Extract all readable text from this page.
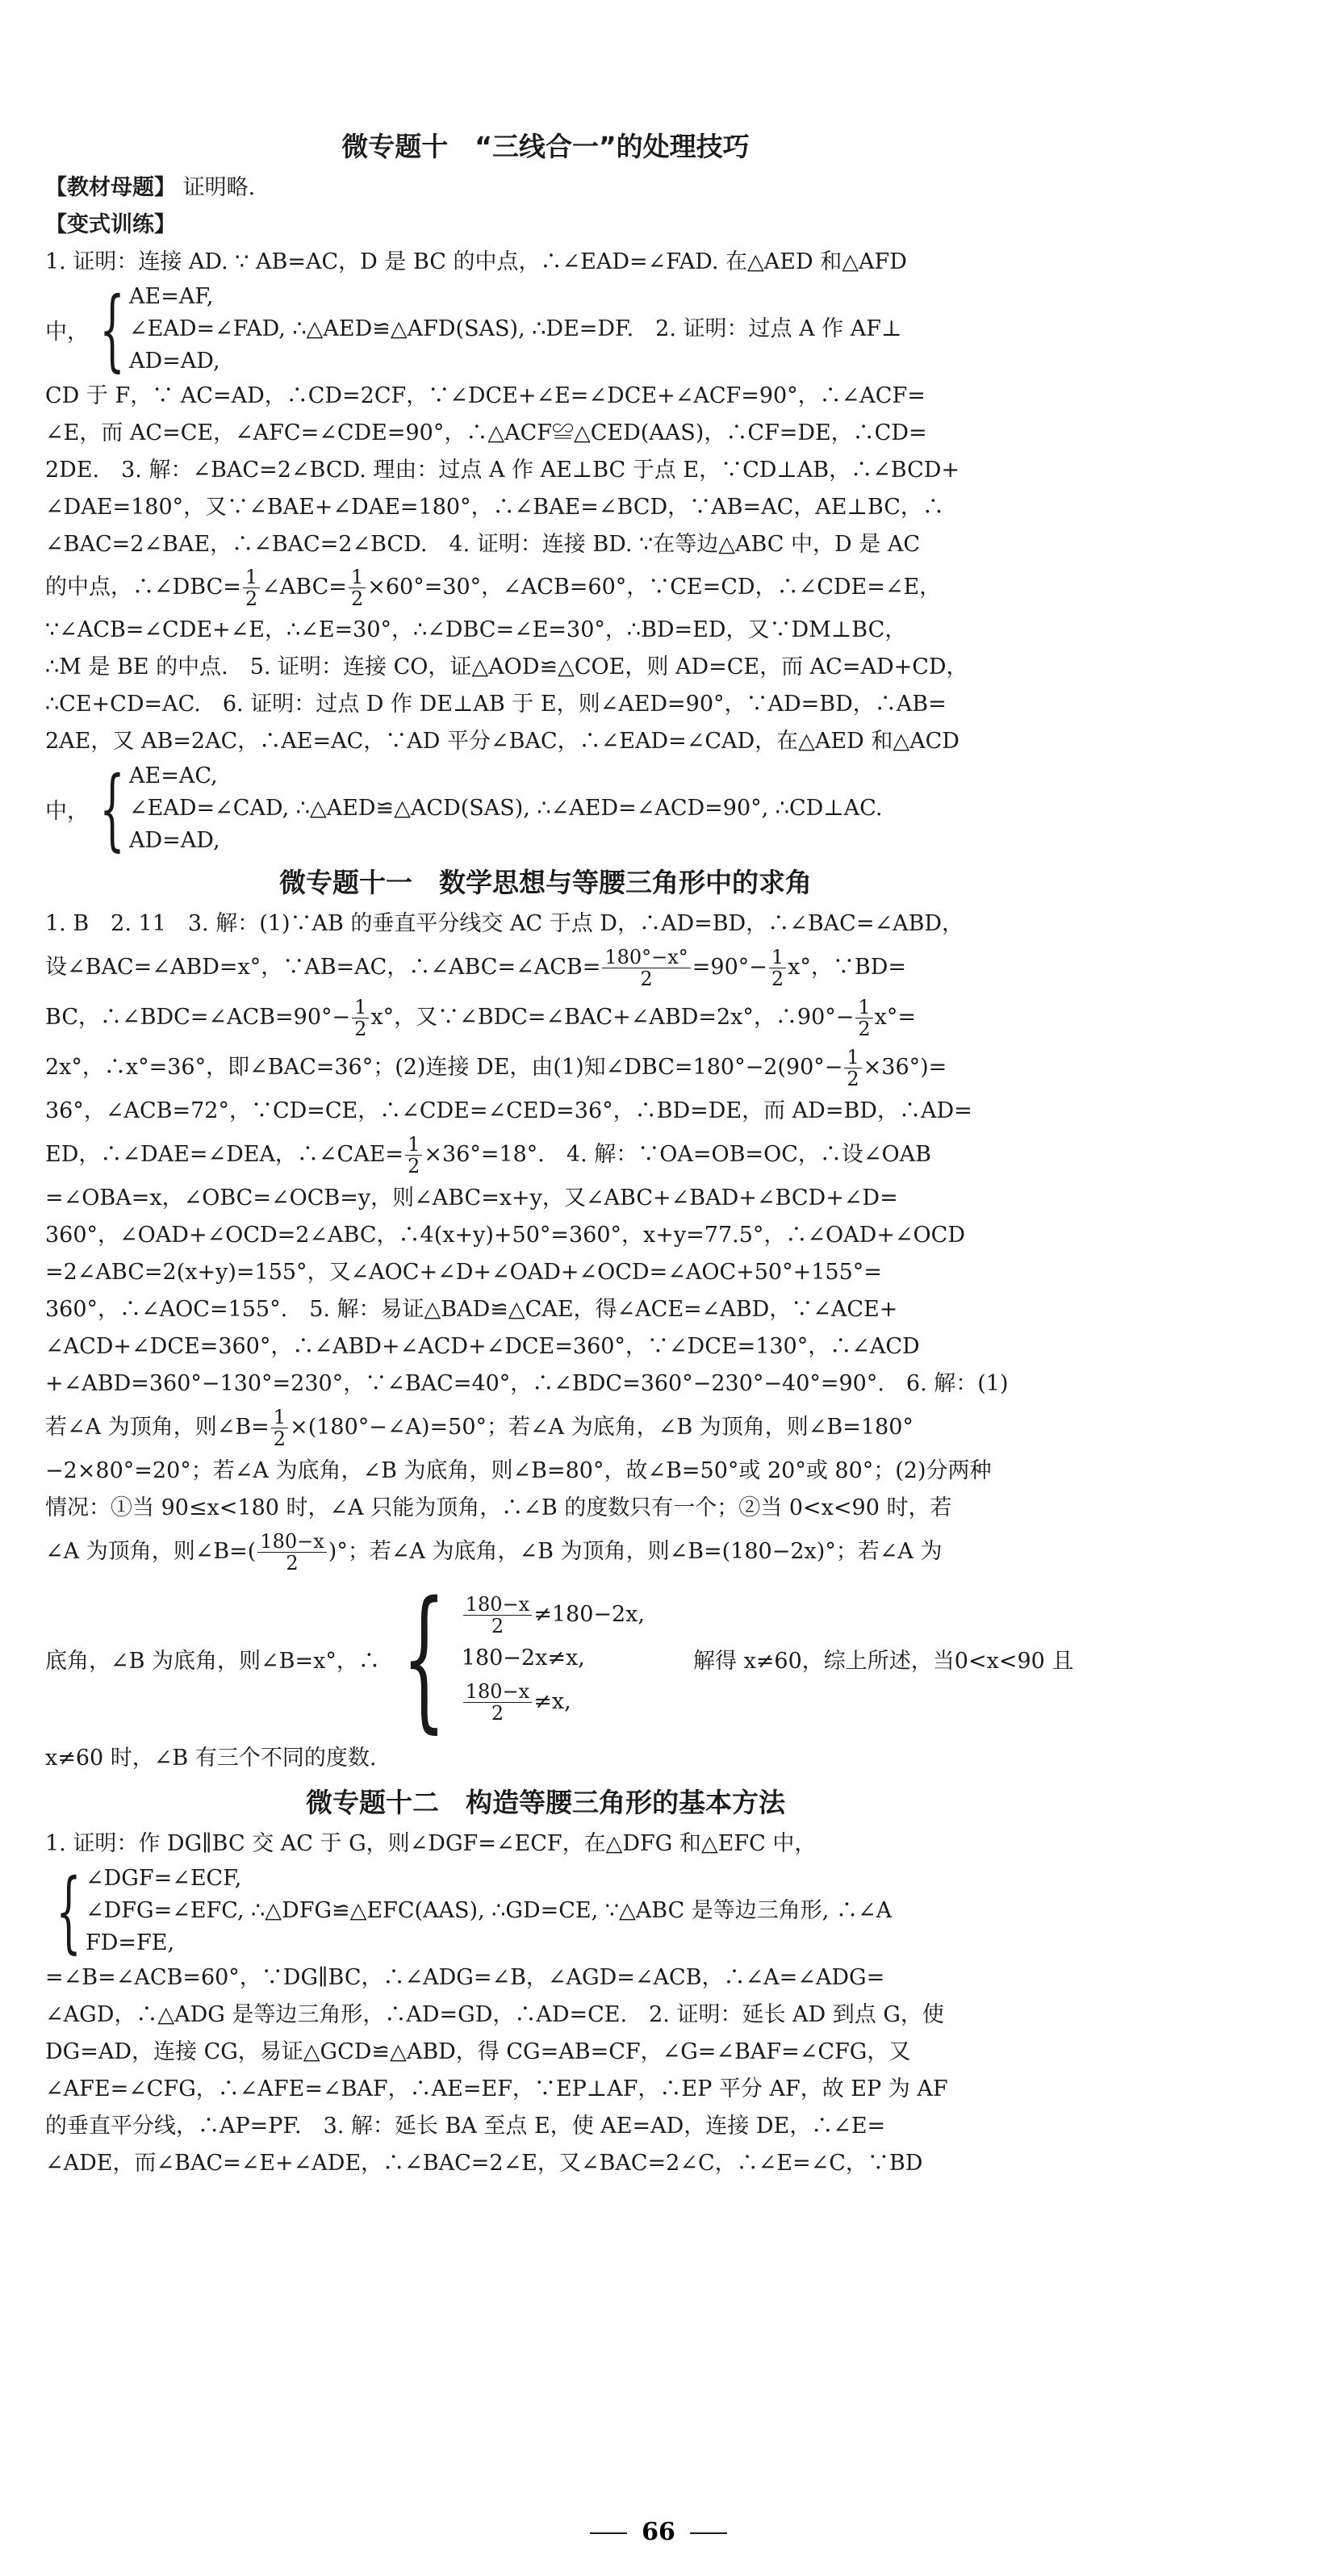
微专题十　“三线合一”的处理技巧
【教材母题】 证明略.
【变式训练】
1. 证明：连接 AD. ∵ AB=AC，D 是 BC 的中点，∴∠EAD=∠FAD. 在△AED 和△AFD
中， { AE=AF,
∠EAD=∠FAD, ∴△AED≌△AFD(SAS), ∴DE=DF.　2. 证明：过点 A 作 AF⊥
AD=AD,
CD 于 F，∵ AC=AD，∴CD=2CF，∵∠DCE+∠E=∠DCE+∠ACF=90°，∴∠ACF=
∠E，而 AC=CE，∠AFC=∠CDE=90°，∴△ACF≌△CED(AAS)，∴CF=DE，∴CD=
2DE.　3. 解：∠BAC=2∠BCD. 理由：过点 A 作 AE⊥BC 于点 E，∵CD⊥AB，∴∠BCD+
∠DAE=180°，又∵∠BAE+∠DAE=180°，∴∠BAE=∠BCD，∵AB=AC，AE⊥BC，∴
∠BAC=2∠BAE，∴∠BAC=2∠BCD.　4. 证明：连接 BD. ∵在等边△ABC 中，D 是 AC
的中点，∴∠DBC= $\frac{1}{2}$ ∠ABC= $\frac{1}{2} \times 60^\circ=30^\circ$，∠ACB=60°，∵CE=CD，∴∠CDE=∠E，
∵∠ACB=∠CDE+∠E，∴∠E=30°，∴∠DBC=∠E=30°，∴BD=ED，又∵DM⊥BC，
∴M 是 BE 的中点.　5. 证明：连接 CO，证△AOD≌△COE，则 AD=CE，而 AC=AD+CD，
∴CE+CD=AC.　6. 证明：过点 D 作 DE⊥AB 于 E，则∠AED=90°，∵AD=BD，∴AB=
2AE，又 AB=2AC，∴AE=AC，∵AD 平分∠BAC，∴∠EAD=∠CAD，在△AED 和△ACD
中， { AE=AC,
∠EAD=∠CAD, ∴△AED≌△ACD(SAS), ∴∠AED=∠ACD=90°, ∴CD⊥AC.
AD=AD,
微专题十一　数学思想与等腰三角形中的求角
1. B　2. 11　3. 解：(1)∵AB 的垂直平分线交 AC 于点 D，∴AD=BD，∴∠BAC=∠ABD，
设∠BAC=∠ABD=x°，∵AB=AC，∴∠ABC=∠ACB= $\frac{180^\circ-x^\circ}{2} =90^\circ- \frac{1}{2} x^\circ$，∵BD=
BC，∴∠BDC=∠ACB=90°− $\frac{1}{2} x^\circ$，又∵∠BDC=∠BAC+∠ABD=2x°，∴90°− $\frac{1}{2} x^\circ=$
2x°，∴x°=36°，即∠BAC=36°；(2)连接 DE，由(1)知∠DBC=180°−2(90°− $\frac{1}{2} \times 36^\circ)=$
36°，∠ACB=72°，∵CD=CE，∴∠CDE=∠CED=36°，∴BD=DE，而 AD=BD，∴AD=
ED，∴∠DAE=∠DEA，∴∠CAE= $\frac{1}{2} \times 36^\circ=18^\circ$.　4. 解：∵OA=OB=OC，∴设∠OAB
=∠OBA=x，∠OBC=∠OCB=y，则∠ABC=x+y，又∠ABC+∠BAD+∠BCD+∠D=
360°，∠OAD+∠OCD=2∠ABC，∴4(x+y)+50°=360°，x+y=77.5°，∴∠OAD+∠OCD
=2∠ABC=2(x+y)=155°，又∠AOC+∠D+∠OAD+∠OCD=∠AOC+50°+155°=
360°，∴∠AOC=155°.　5. 解：易证△BAD≌△CAE，得∠ACE=∠ABD，∵∠ACE+
∠ACD+∠DCE=360°，∴∠ABD+∠ACD+∠DCE=360°，∵∠DCE=130°，∴∠ACD
+∠ABD=360°−130°=230°，∵∠BAC=40°，∴∠BDC=360°−230°−40°=90°.　6. 解：(1)
若∠A 为顶角，则∠B= $\frac{1}{2}$ ×(180°−∠A)=50°；若∠A 为底角，∠B 为顶角，则∠B=180°
−2×80°=20°；若∠A 为底角，∠B 为底角，则∠B=80°，故∠B=50°或 20°或 80°；(2)分两种
情况：①当 90≤x<180 时，∠A 只能为顶角，∴∠B 的度数只有一个；②当 0<x<90 时，若
∠A 为顶角，则∠B=( $\frac{180-x}{2}$ )°；若∠A 为底角，∠B 为顶角，则∠B=(180−2x)°；若∠A 为
底角，∠B 为底角，则∠B=x°，∴ { $\frac{180-x}{2} \ne 180-2x$,
180−2x≠x,
$\frac{180-x}{2} \ne x$,
解得 x≠60，综上所述，当0<x<90 且
x≠60 时，∠B 有三个不同的度数.
微专题十二　构造等腰三角形的基本方法
1. 证明：作 DG∥BC 交 AC 于 G，则∠DGF=∠ECF，在△DFG 和△EFC 中，
{ ∠DGF=∠ECF,
∠DFG=∠EFC, ∴△DFG≌△EFC(AAS), ∴GD=CE, ∵△ABC 是等边三角形, ∴∠A
FD=FE,
=∠B=∠ACB=60°，∵DG∥BC，∴∠ADG=∠B，∠AGD=∠ACB，∴∠A=∠ADG=
∠AGD，∴△ADG 是等边三角形，∴AD=GD，∴AD=CE.　2. 证明：延长 AD 到点 G，使
DG=AD，连接 CG，易证△GCD≌△ABD，得 CG=AB=CF，∠G=∠BAF=∠CFG，又
∠AFE=∠CFG，∴∠AFE=∠BAF，∴AE=EF，∵EP⊥AF，∴EP 平分 AF，故 EP 为 AF
的垂直平分线，∴AP=PF.　3. 解：延长 BA 至点 E，使 AE=AD，连接 DE，∴∠E=
∠ADE，而∠BAC=∠E+∠ADE，∴∠BAC=2∠E，又∠BAC=2∠C，∴∠E=∠C，∵BD
66
